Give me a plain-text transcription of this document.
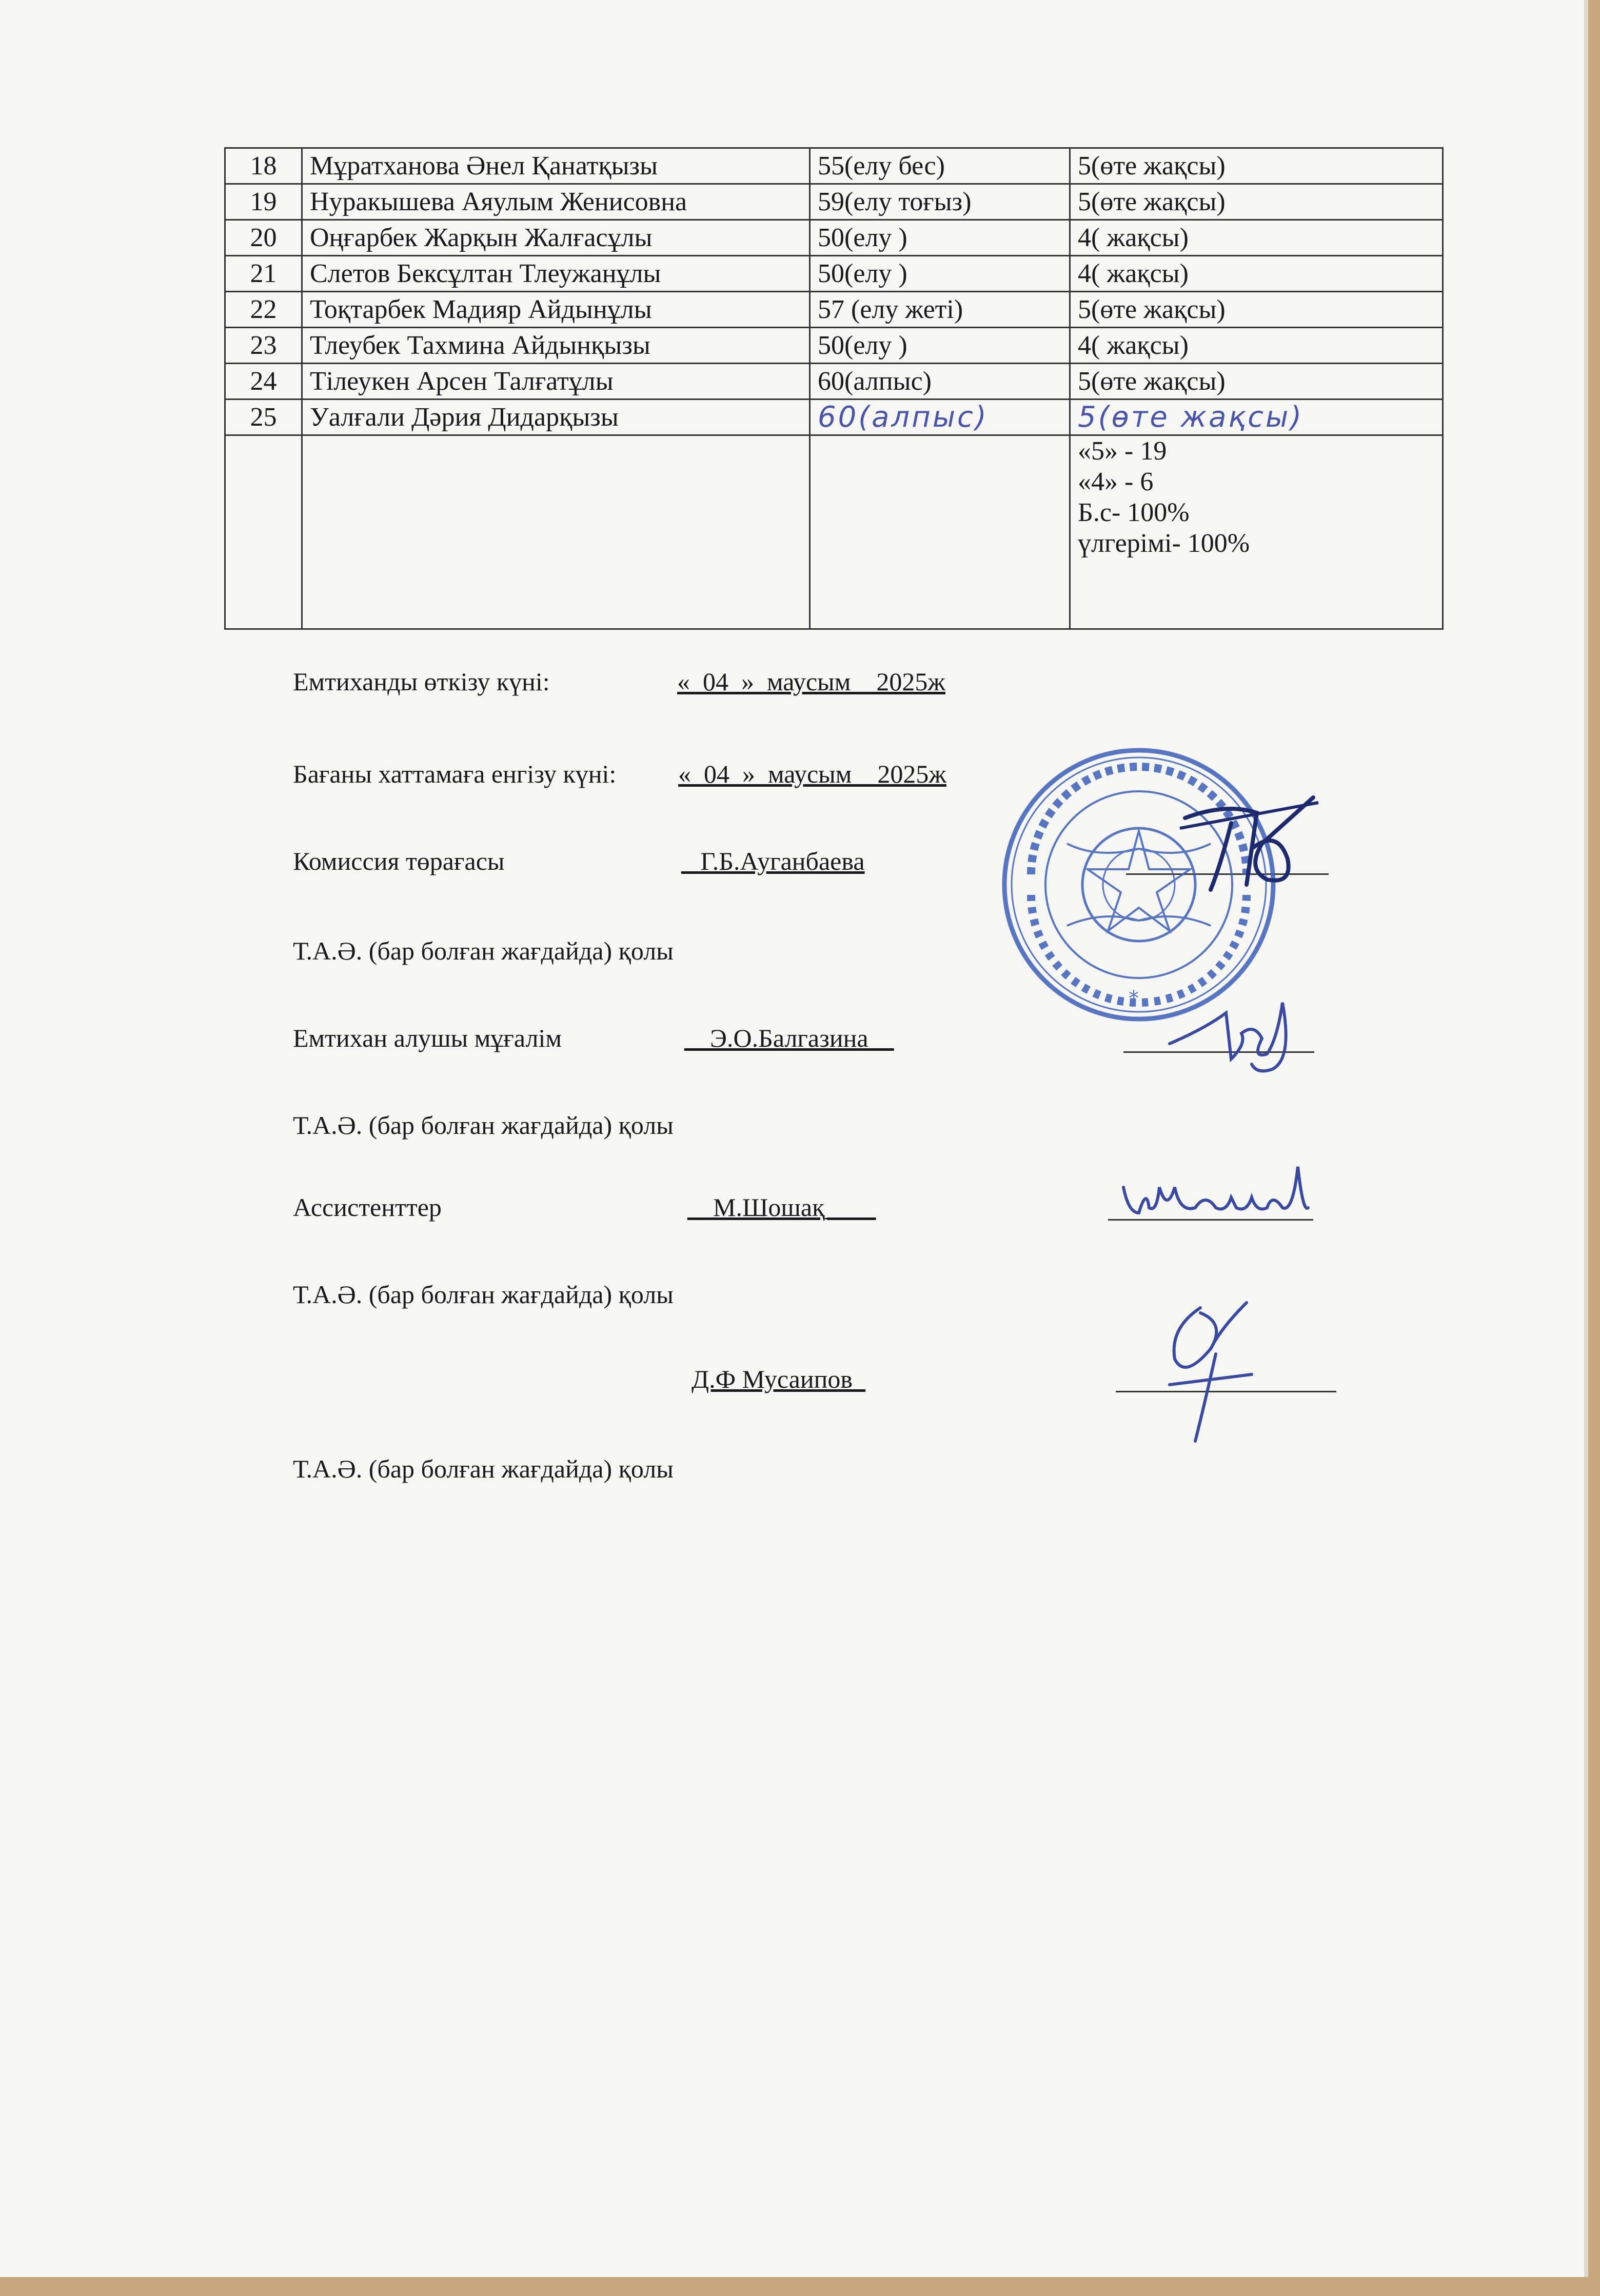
18	Мұратханова Әнел Қанатқызы	55(елу бес)	5(өте жақсы)
19	Нуракышева Аяулым Женисовна	59(елу тоғыз)	5(өте жақсы)
20	Оңғарбек Жарқын Жалғасұлы	50(елу )	4( жақсы)
21	Слетов Бексұлтан Тлеужанұлы	50(елу )	4( жақсы)
22	Тоқтарбек Мадияр Айдынұлы	57 (елу жеті)	5(өте жақсы)
23	Тлеубек Тахмина Айдынқызы	50(елу )	4( жақсы)
24	Тілеукен Арсен Талғатұлы	60(алпыс)	5(өте жақсы)
25	Уалғали Дәрия Дидарқызы	60(алпыс)	5(өте жақсы)

			«5» - 19
«4» - 6
Б.с- 100%
үлгерімі- 100%
Емтиханды өткізу күні:	«_04_»_маусым__2025ж
Бағаны хаттамаға енгізу күні: «_04_»_маусым__2025ж
Комиссия төрағасы	_ Г.Б.Ауганбаева
Т.А.Ә. (бар болған жағдайда) қолы
Емтихан алушы мұғалім	__Э.О.Балгазина__
Т.А.Ә. (бар болған жағдайда) қолы
Ассистенттер	__М.Шошақ____
Т.А.Ә. (бар болған жағдайда) қолы
Д.Ф Мусаипов_
Т.А.Ә. (бар болған жағдайда) қолы
*
